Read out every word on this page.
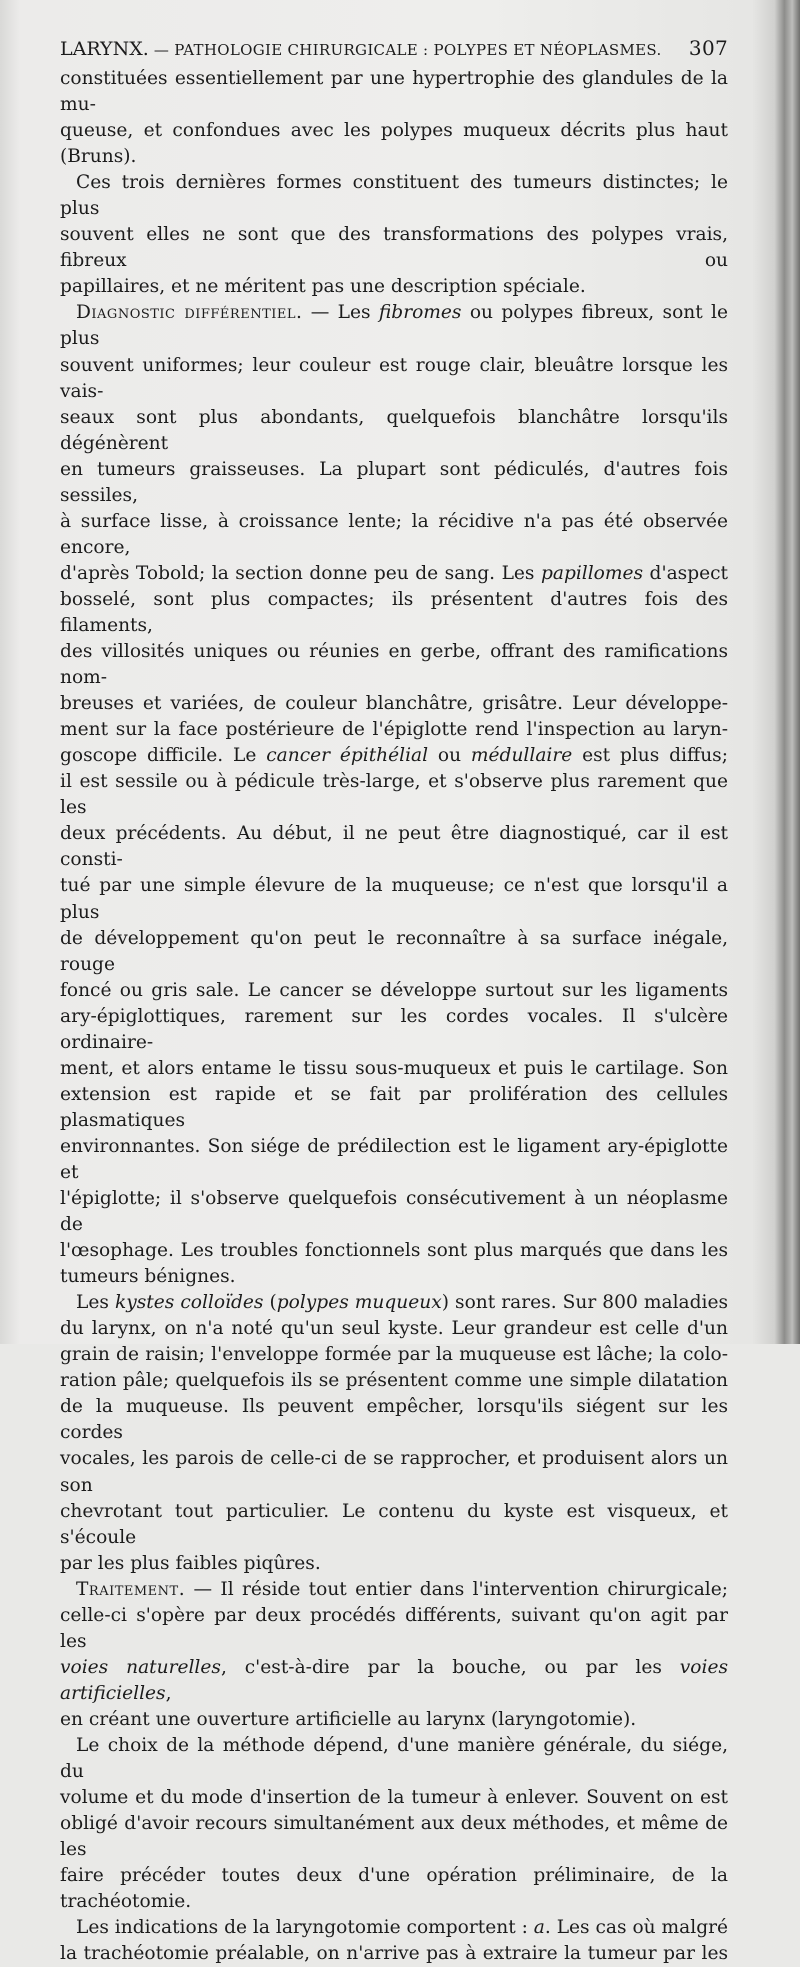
LARYNX. — PATHOLOGIE CHIRURGICALE : POLYPES ET NÉOPLASMES. 307

constituées essentiellement par une hypertrophie des glandules de la mu-

queuse, et confondues avec les polypes muqueux décrits plus haut (Bruns).

Ces trois dernières formes constituent des tumeurs distinctes; le plus

souvent elles ne sont que des transformations des polypes vrais, fibreux ou

papillaires, et ne méritent pas une description spéciale.

Diagnostic différentiel. — Les fibromes ou polypes fibreux, sont le plus

souvent uniformes; leur couleur est rouge clair, bleuâtre lorsque les vais-

seaux sont plus abondants, quelquefois blanchâtre lorsqu'ils dégénèrent

en tumeurs graisseuses. La plupart sont pédiculés, d'autres fois sessiles,

à surface lisse, à croissance lente; la récidive n'a pas été observée encore,

d'après Tobold; la section donne peu de sang. Les papillomes d'aspect

bosselé, sont plus compactes; ils présentent d'autres fois des filaments,

des villosités uniques ou réunies en gerbe, offrant des ramifications nom-

breuses et variées, de couleur blanchâtre, grisâtre. Leur développe-

ment sur la face postérieure de l'épiglotte rend l'inspection au laryn-

goscope difficile. Le cancer épithélial ou médullaire est plus diffus;

il est sessile ou à pédicule très-large, et s'observe plus rarement que les

deux précédents. Au début, il ne peut être diagnostiqué, car il est consti-

tué par une simple élevure de la muqueuse; ce n'est que lorsqu'il a plus

de développement qu'on peut le reconnaître à sa surface inégale, rouge

foncé ou gris sale. Le cancer se développe surtout sur les ligaments

ary-épiglottiques, rarement sur les cordes vocales. Il s'ulcère ordinaire-

ment, et alors entame le tissu sous-muqueux et puis le cartilage. Son

extension est rapide et se fait par prolifération des cellules plasmatiques

environnantes. Son siége de prédilection est le ligament ary-épiglotte et

l'épiglotte; il s'observe quelquefois consécutivement à un néoplasme de

l'œsophage. Les troubles fonctionnels sont plus marqués que dans les

tumeurs bénignes.

Les kystes colloïdes (polypes muqueux) sont rares. Sur 800 maladies

du larynx, on n'a noté qu'un seul kyste. Leur grandeur est celle d'un

grain de raisin; l'enveloppe formée par la muqueuse est lâche; la colo-

ration pâle; quelquefois ils se présentent comme une simple dilatation

de la muqueuse. Ils peuvent empêcher, lorsqu'ils siégent sur les cordes

vocales, les parois de celle-ci de se rapprocher, et produisent alors un son

chevrotant tout particulier. Le contenu du kyste est visqueux, et s'écoule

par les plus faibles piqûres.

Traitement. — Il réside tout entier dans l'intervention chirurgicale;

celle-ci s'opère par deux procédés différents, suivant qu'on agit par les

voies naturelles, c'est-à-dire par la bouche, ou par les voies artificielles,

en créant une ouverture artificielle au larynx (laryngotomie).

Le choix de la méthode dépend, d'une manière générale, du siége, du

volume et du mode d'insertion de la tumeur à enlever. Souvent on est

obligé d'avoir recours simultanément aux deux méthodes, et même de les

faire précéder toutes deux d'une opération préliminaire, de la trachéotomie.

Les indications de la laryngotomie comportent : a. Les cas où malgré

la trachéotomie préalable, on n'arrive pas à extraire la tumeur par les
